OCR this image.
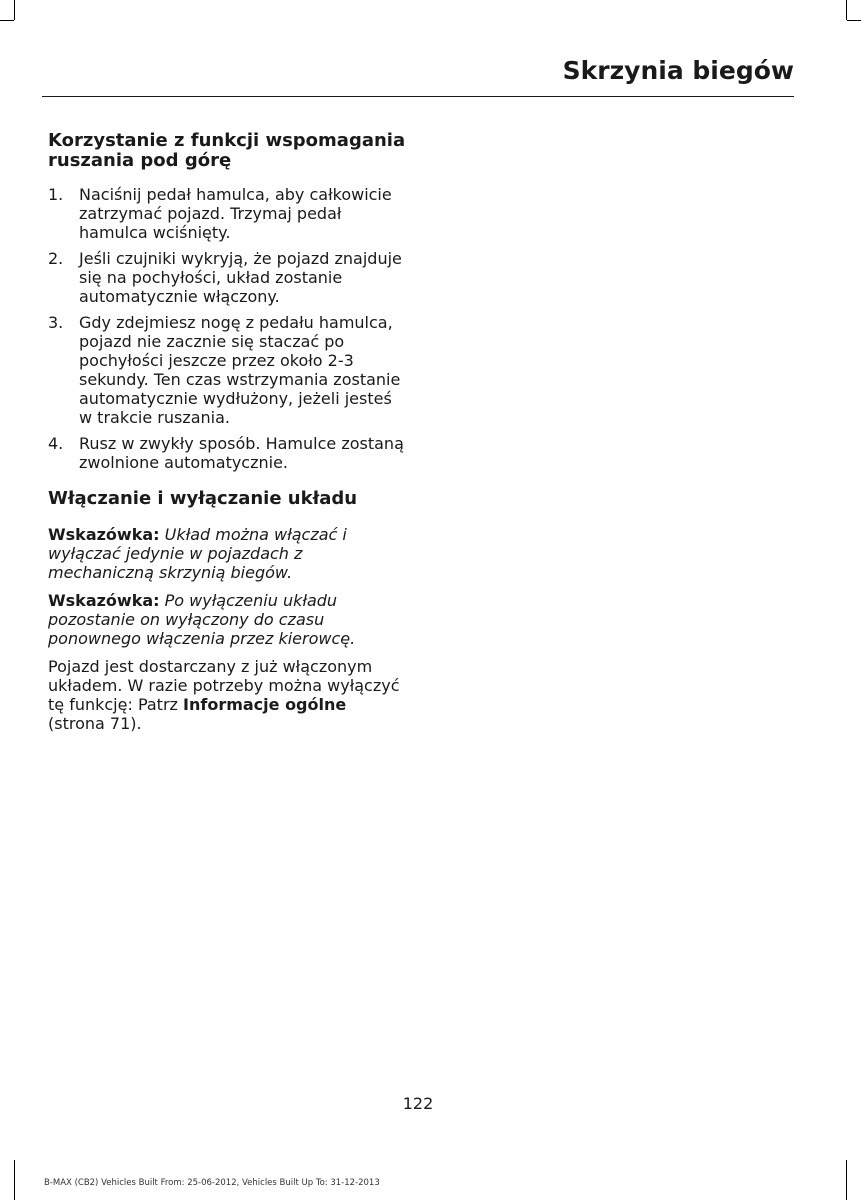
Skrzynia biegów
Korzystanie z funkcji wspomagania ruszania pod górę
1. Naciśnij pedał hamulca, aby całkowicie zatrzymać pojazd. Trzymaj pedał hamulca wciśnięty.
2. Jeśli czujniki wykryją, że pojazd znajduje się na pochyłości, układ zostanie automatycznie włączony.
3. Gdy zdejmiesz nogę z pedału hamulca, pojazd nie zacznie się staczać po pochyłości jeszcze przez około 2-3 sekundy. Ten czas wstrzymania zostanie automatycznie wydłużony, jeżeli jesteś w trakcie ruszania.
4. Rusz w zwykły sposób. Hamulce zostaną zwolnione automatycznie.
Włączanie i wyłączanie układu

Wskazówka: Układ można włączać i wyłączać jedynie w pojazdach z mechaniczną skrzynią biegów.

Wskazówka: Po wyłączeniu układu pozostanie on wyłączony do czasu ponownego włączenia przez kierowcę.

Pojazd jest dostarczany z już włączonym układem. W razie potrzeby można wyłączyć tę funkcję: Patrz Informacje ogólne (strona 71).

122
B-MAX (CB2) Vehicles Built From: 25-06-2012, Vehicles Built Up To: 31-12-2013
